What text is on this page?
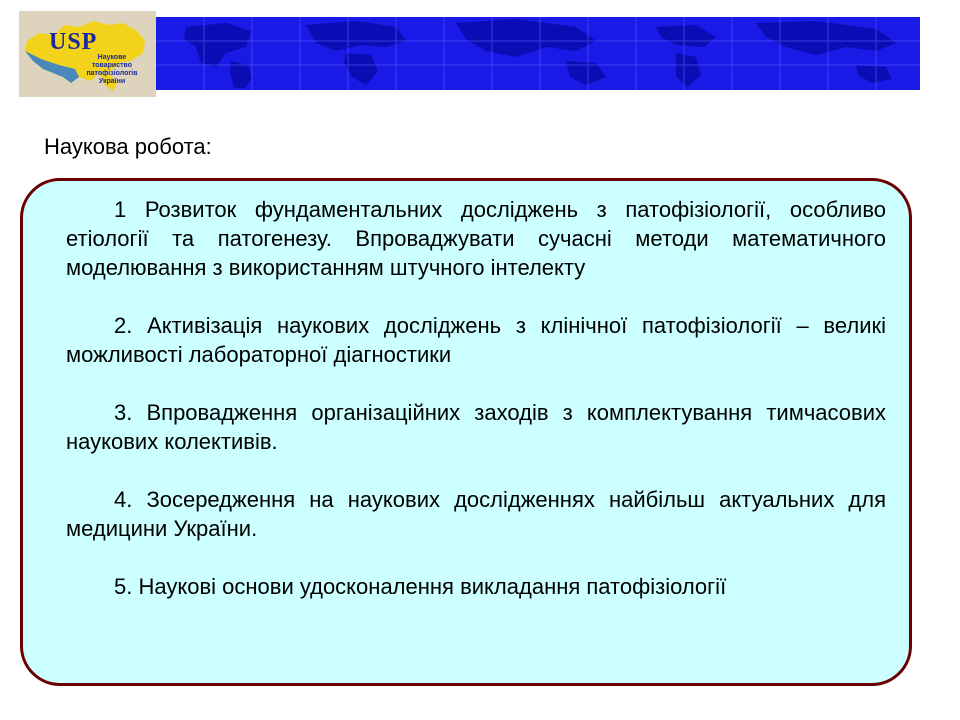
USP
Наукове товариство патофізіологів України
Наукова робота:

1 Розвиток фундаментальних досліджень з патофізіології, особливо етіології та патогенезу. Впроваджувати сучасні методи математичного моделювання з використанням штучного інтелекту

2. Активізація наукових досліджень з клінічної патофізіології – великі можливості лабораторної діагностики

3. Впровадження організаційних заходів з комплектування тимчасових наукових колективів.

4. Зосередження на наукових дослідженнях найбільш актуальних для медицини України.

5. Наукові основи удосконалення викладання патофізіології
